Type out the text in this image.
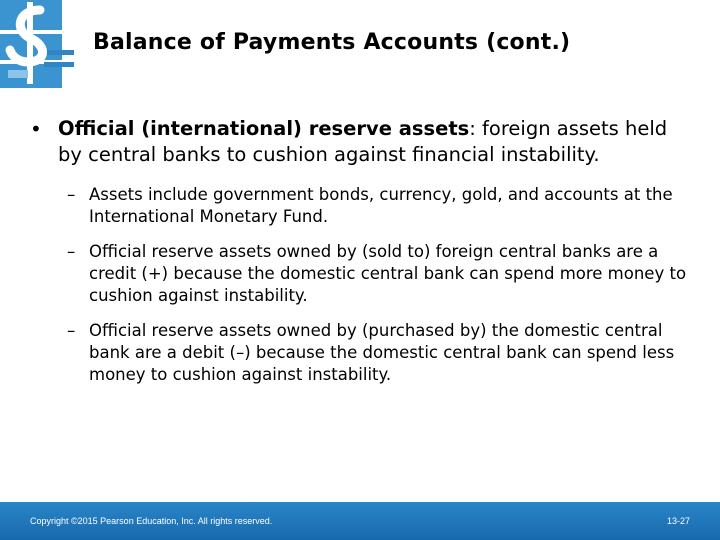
Balance of Payments Accounts (cont.)
• Official (international) reserve assets: foreign assets held by central banks to cushion against financial instability.
– Assets include government bonds, currency, gold, and accounts at the International Monetary Fund.
– Official reserve assets owned by (sold to) foreign central banks are a credit (+) because the domestic central bank can spend more money to cushion against instability.
– Official reserve assets owned by (purchased by) the domestic central bank are a debit (–) because the domestic central bank can spend less money to cushion against instability.
Copyright ©2015 Pearson Education, Inc. All rights reserved.	13-27
